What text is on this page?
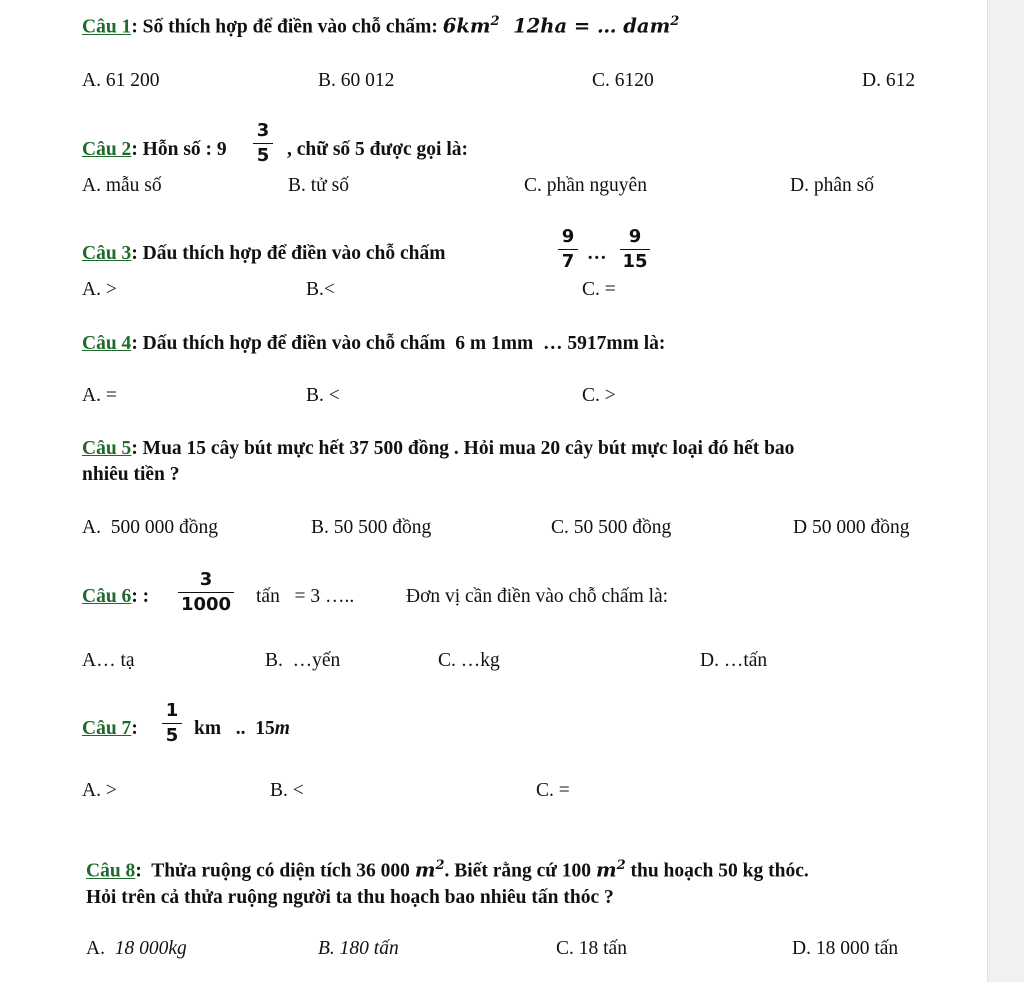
Câu 1: Số thích hợp để điền vào chỗ chấm: $6km^2$  12ha = … dam$^2$
A. 61 200	B. 60 012	C. 6120	D. 612
Câu 2: Hỗn số : 9
3
5 , chữ số 5 được gọi là:
A. mẫu số	B. tử số	C. phần nguyên	D. phân số
Câu 3: Dấu thích hợp để điền vào chỗ chấm
9
7 …
9
15
A. >	B.<	C. =
Câu 4: Dấu thích hợp để điền vào chỗ chấm  6 m 1mm  … 5917mm là:
A. =	B. <	C. >
Câu 5: Mua 15 cây bút mực hết 37 500 đồng . Hỏi mua 20 cây bút mực loại đó hết bao
nhiêu tiền ?
A.  500 000 đồng	B. 50 500 đồng	C. 50 500 đồng	D 50 000 đồng
Câu 6: :
3
1000 tấn   = 3 …..	Đơn vị cần điền vào chỗ chấm là:
A… tạ	B.  …yến	C. …kg	D. …tấn
Câu 7:
1
5 km   ..  15m
A. >	B. <	C. =
Câu 8:  Thửa ruộng có diện tích 36 000 $m^2$. Biết rằng cứ 100 $m^2$ thu hoạch 50 kg thóc.
Hỏi trên cả thửa ruộng người ta thu hoạch bao nhiêu tấn thóc ?
A.  18 000kg	B. 180 tấn	C. 18 tấn	D. 18 000 tấn
